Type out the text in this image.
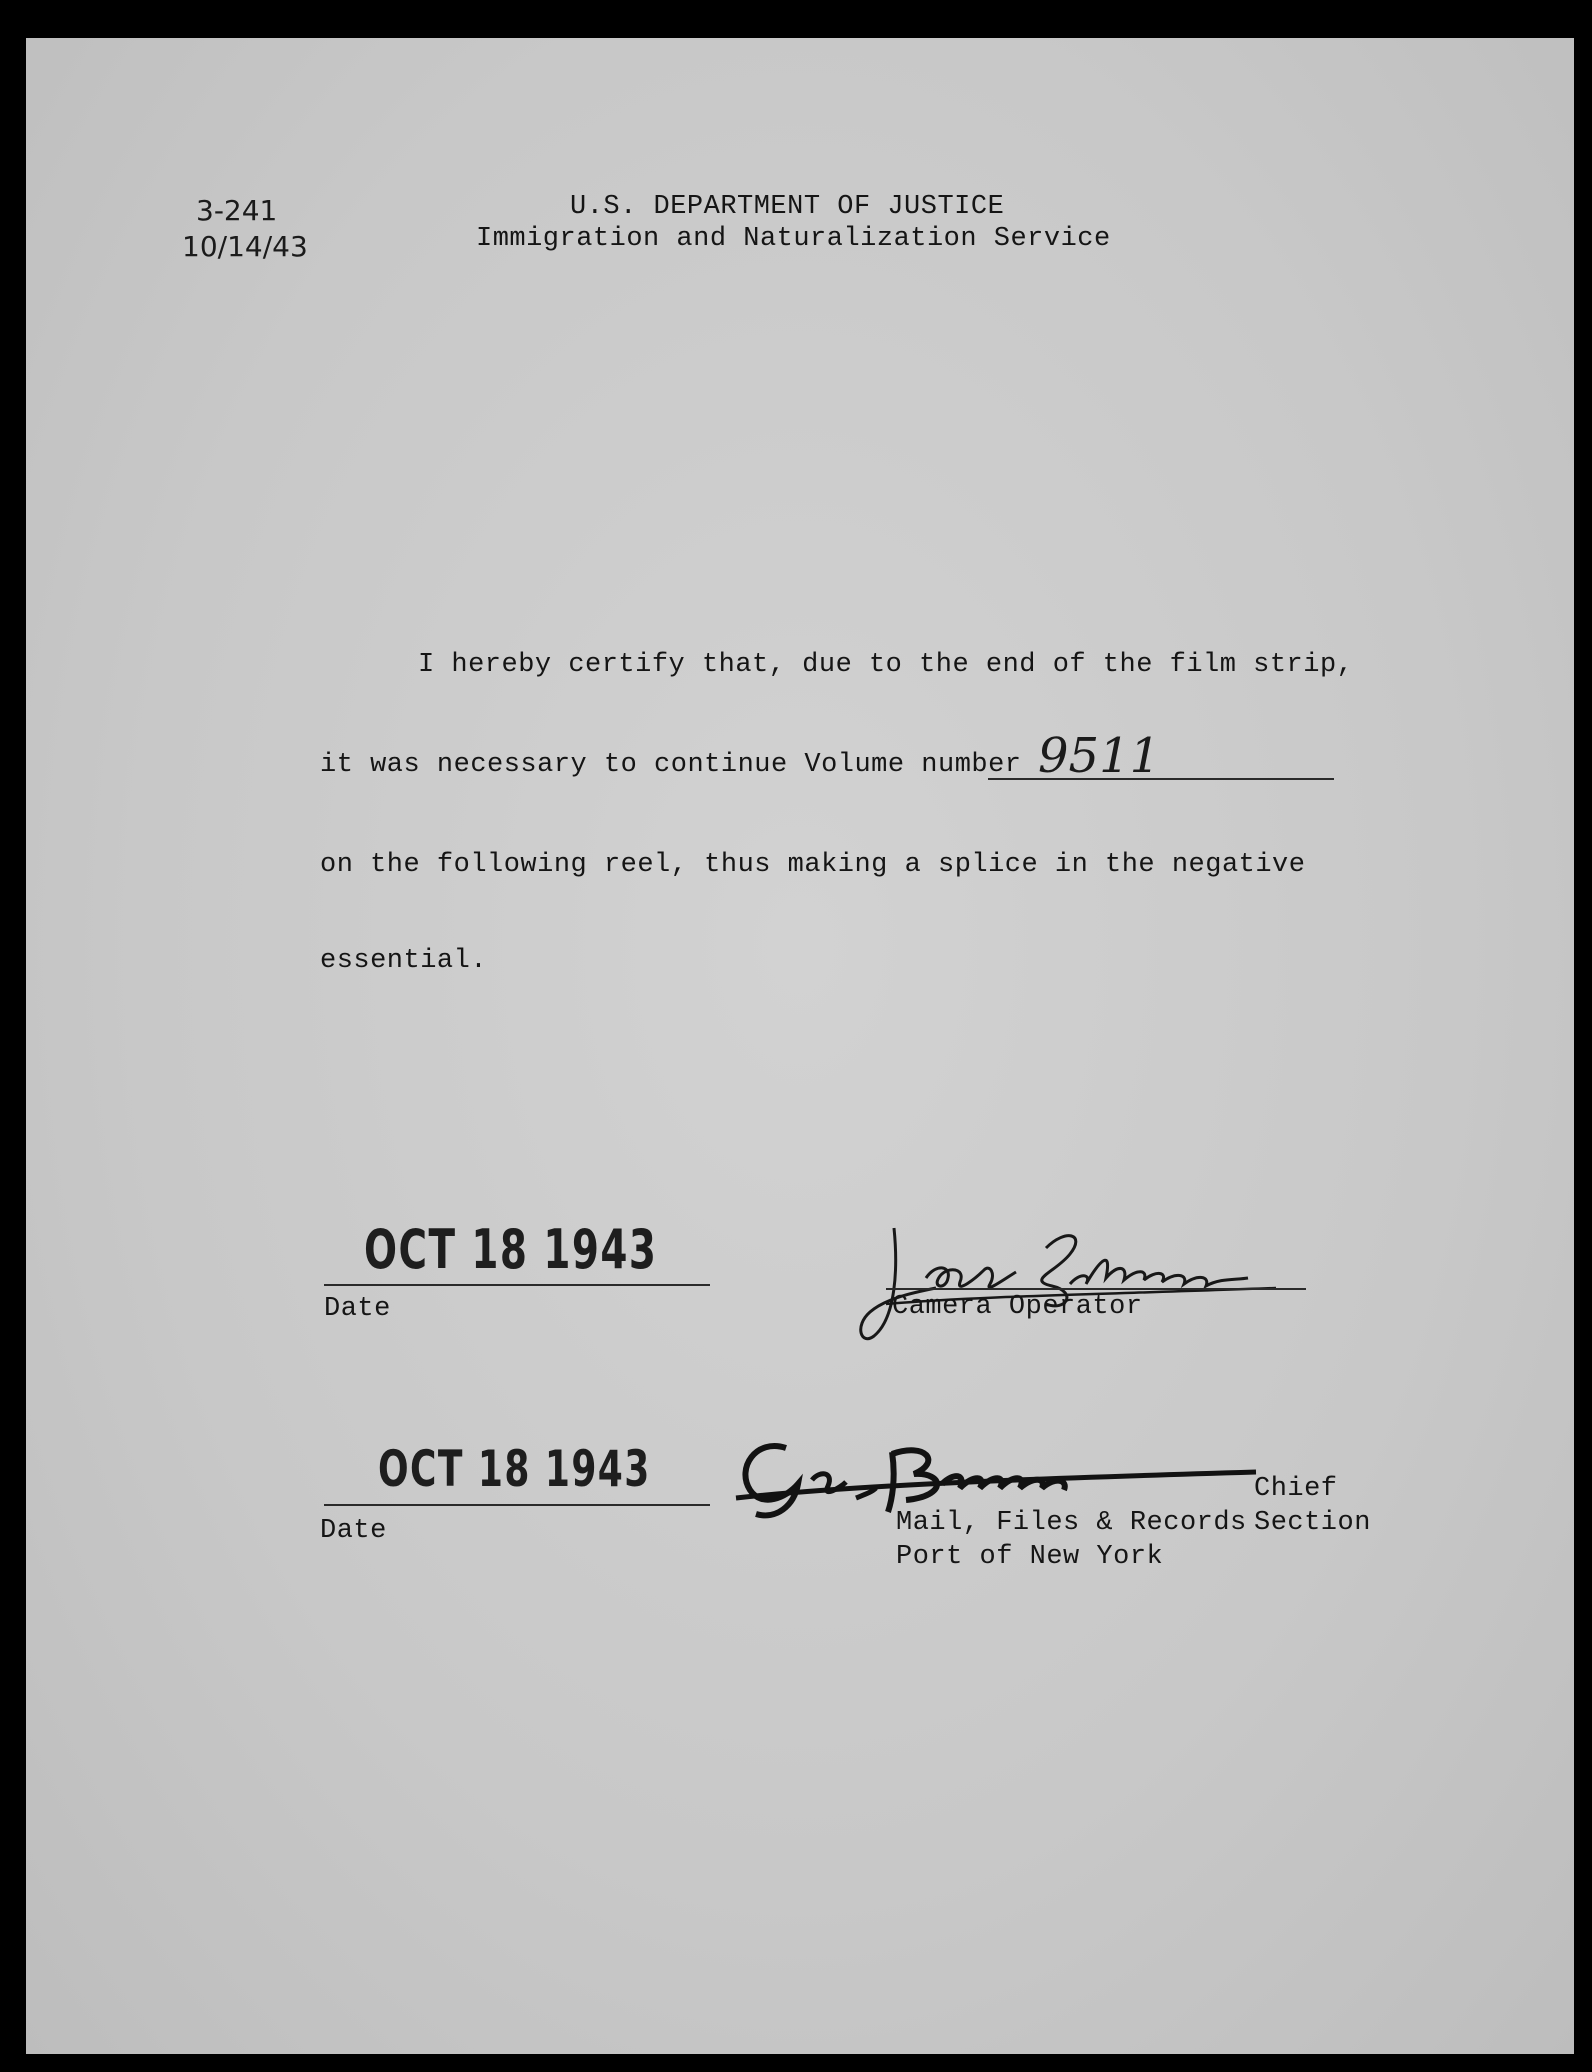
3-241
10/14/43
U.S. DEPARTMENT OF JUSTICE
Immigration and Naturalization Service
I hereby certify that, due to the end of the film strip,
it was necessary to continue Volume number 9511
on the following reel, thus making a splice in the negative
essential.
OCT 18 1943
Date	Camera Operator
OCT 18 1943
Date
Chief
Section
Mail, Files & Records
Port of New York
